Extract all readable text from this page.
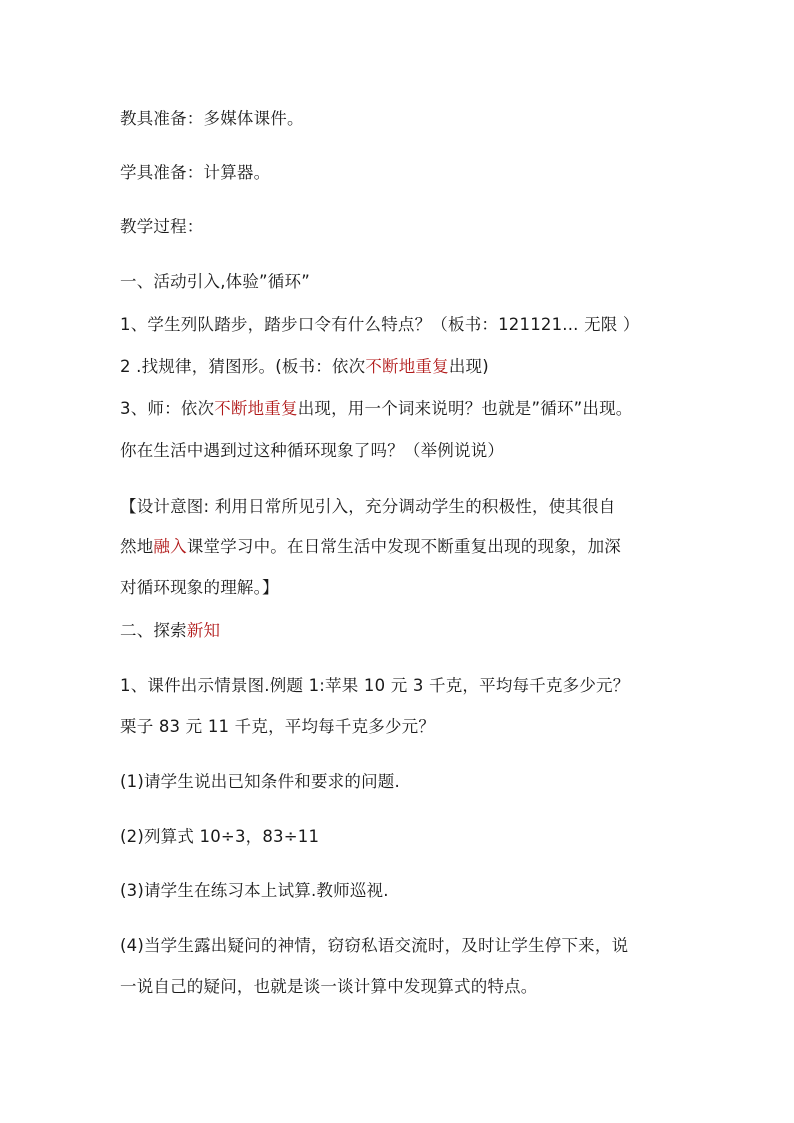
教具准备：多媒体课件。
学具准备：计算器。
教学过程：
一、活动引入,体验”循环”
1、学生列队踏步，踏步口令有什么特点？（板书：121121... 无限 ）
2 .找规律，猜图形。(板书：依次不断地重复出现)
3、师：依次不断地重复出现，用一个词来说明？也就是”循环”出现。
你在生活中遇到过这种循环现象了吗？（举例说说）
【设计意图: 利用日常所见引入，充分调动学生的积极性，使其很自
然地融入课堂学习中。在日常生活中发现不断重复出现的现象，加深
对循环现象的理解。】
二、探索新知
1、课件出示情景图.例题 1:苹果 10 元 3 千克，平均每千克多少元？
栗子 83 元 11 千克，平均每千克多少元？
(1)请学生说出已知条件和要求的问题.
(2)列算式 10÷3，83÷11
(3)请学生在练习本上试算.教师巡视.
(4)当学生露出疑问的神情，窃窃私语交流时，及时让学生停下来，说
一说自己的疑问，也就是谈一谈计算中发现算式的特点。
